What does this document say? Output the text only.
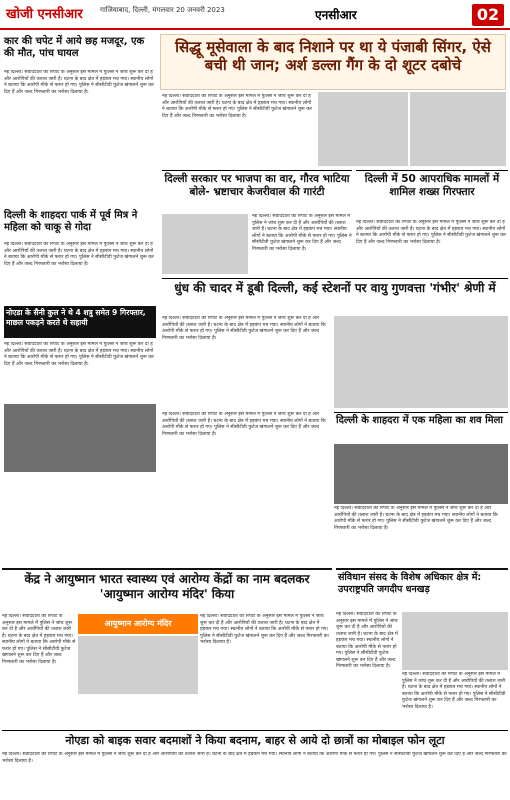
खोजी एनसीआर	गाजियाबाद, दिल्ली, मंगलवार 20 जनवरी 2023	एनसीआर	02
कार की चपेट में आये छह मजदूर, एक की मौत, पांच घायल
नई दिल्ली। संवाददाता की रिपोर्ट के अनुसार इस मामले में पुलिस ने जांच शुरू कर दी है और आरोपियों की तलाश जारी है। घटना के बाद क्षेत्र में हड़कंप मच गया। स्थानीय लोगों ने बताया कि आरोपी मौके से फरार हो गए। पुलिस ने सीसीटीवी फुटेज खंगालने शुरू कर दिए हैं और जल्द गिरफ्तारी का भरोसा दिलाया है।
दिल्ली के शाहदरा पार्क में पूर्व मित्र ने महिला को चाकू से गोदा
नई दिल्ली। संवाददाता की रिपोर्ट के अनुसार इस मामले में पुलिस ने जांच शुरू कर दी है और आरोपियों की तलाश जारी है। घटना के बाद क्षेत्र में हड़कंप मच गया। स्थानीय लोगों ने बताया कि आरोपी मौके से फरार हो गए। पुलिस ने सीसीटीवी फुटेज खंगालने शुरू कर दिए हैं और जल्द गिरफ्तारी का भरोसा दिलाया है।
नोएडा के सैनी कुल ने थे 4 शत्रु समेत 9 गिरफ्तार, माछल पकड़ने करते थे सहायी
नई दिल्ली। संवाददाता की रिपोर्ट के अनुसार इस मामले में पुलिस ने जांच शुरू कर दी है और आरोपियों की तलाश जारी है। घटना के बाद क्षेत्र में हड़कंप मच गया। स्थानीय लोगों ने बताया कि आरोपी मौके से फरार हो गए। पुलिस ने सीसीटीवी फुटेज खंगालने शुरू कर दिए हैं और जल्द गिरफ्तारी का भरोसा दिलाया है।
सिद्धू मूसेवाला के बाद निशाने पर था ये पंजाबी सिंगर, ऐसे बची थी जान; अर्श डल्ला गैंग के दो शूटर दबोचे
नई दिल्ली। संवाददाता की रिपोर्ट के अनुसार इस मामले में पुलिस ने जांच शुरू कर दी है और आरोपियों की तलाश जारी है। घटना के बाद क्षेत्र में हड़कंप मच गया। स्थानीय लोगों ने बताया कि आरोपी मौके से फरार हो गए। पुलिस ने सीसीटीवी फुटेज खंगालने शुरू कर दिए हैं और जल्द गिरफ्तारी का भरोसा दिलाया है।
दिल्ली सरकार पर भाजपा का वार, गौरव भाटिया बोले- भ्रष्टाचार केजरीवाल की गारंटी
नई दिल्ली। संवाददाता की रिपोर्ट के अनुसार इस मामले में पुलिस ने जांच शुरू कर दी है और आरोपियों की तलाश जारी है। घटना के बाद क्षेत्र में हड़कंप मच गया। स्थानीय लोगों ने बताया कि आरोपी मौके से फरार हो गए। पुलिस ने सीसीटीवी फुटेज खंगालने शुरू कर दिए हैं और जल्द गिरफ्तारी का भरोसा दिलाया है।
दिल्ली में 50 आपराधिक मामलों में शामिल शख्स गिरफ्तार
नई दिल्ली। संवाददाता की रिपोर्ट के अनुसार इस मामले में पुलिस ने जांच शुरू कर दी है और आरोपियों की तलाश जारी है। घटना के बाद क्षेत्र में हड़कंप मच गया। स्थानीय लोगों ने बताया कि आरोपी मौके से फरार हो गए। पुलिस ने सीसीटीवी फुटेज खंगालने शुरू कर दिए हैं और जल्द गिरफ्तारी का भरोसा दिलाया है।
धुंध की चादर में डूबी दिल्ली, कई स्टेशनों पर वायु गुणवत्ता 'गंभीर' श्रेणी में
नई दिल्ली। संवाददाता की रिपोर्ट के अनुसार इस मामले में पुलिस ने जांच शुरू कर दी है और आरोपियों की तलाश जारी है। घटना के बाद क्षेत्र में हड़कंप मच गया। स्थानीय लोगों ने बताया कि आरोपी मौके से फरार हो गए। पुलिस ने सीसीटीवी फुटेज खंगालने शुरू कर दिए हैं और जल्द गिरफ्तारी का भरोसा दिलाया है।
दिल्ली के शाहदरा में एक महिला का शव मिला
नई दिल्ली। संवाददाता की रिपोर्ट के अनुसार इस मामले में पुलिस ने जांच शुरू कर दी है और आरोपियों की तलाश जारी है। घटना के बाद क्षेत्र में हड़कंप मच गया। स्थानीय लोगों ने बताया कि आरोपी मौके से फरार हो गए। पुलिस ने सीसीटीवी फुटेज खंगालने शुरू कर दिए हैं और जल्द गिरफ्तारी का भरोसा दिलाया है।
नई दिल्ली। संवाददाता की रिपोर्ट के अनुसार इस मामले में पुलिस ने जांच शुरू कर दी है और आरोपियों की तलाश जारी है। घटना के बाद क्षेत्र में हड़कंप मच गया। स्थानीय लोगों ने बताया कि आरोपी मौके से फरार हो गए। पुलिस ने सीसीटीवी फुटेज खंगालने शुरू कर दिए हैं और जल्द गिरफ्तारी का भरोसा दिलाया है।
केंद्र ने आयुष्मान भारत स्वास्थ्य एवं आरोग्य केंद्रों का नाम बदलकर 'आयुष्मान आरोग्य मंदिर' किया
आयुष्मान आरोग्य मंदिर
नई दिल्ली। संवाददाता की रिपोर्ट के अनुसार इस मामले में पुलिस ने जांच शुरू कर दी है और आरोपियों की तलाश जारी है। घटना के बाद क्षेत्र में हड़कंप मच गया। स्थानीय लोगों ने बताया कि आरोपी मौके से फरार हो गए। पुलिस ने सीसीटीवी फुटेज खंगालने शुरू कर दिए हैं और जल्द गिरफ्तारी का भरोसा दिलाया है।
नई दिल्ली। संवाददाता की रिपोर्ट के अनुसार इस मामले में पुलिस ने जांच शुरू कर दी है और आरोपियों की तलाश जारी है। घटना के बाद क्षेत्र में हड़कंप मच गया। स्थानीय लोगों ने बताया कि आरोपी मौके से फरार हो गए। पुलिस ने सीसीटीवी फुटेज खंगालने शुरू कर दिए हैं और जल्द गिरफ्तारी का भरोसा दिलाया है।
संविधान संसद के विशेष अधिकार क्षेत्र में: उपराष्ट्रपति जगदीप धनखड़
नई दिल्ली। संवाददाता की रिपोर्ट के अनुसार इस मामले में पुलिस ने जांच शुरू कर दी है और आरोपियों की तलाश जारी है। घटना के बाद क्षेत्र में हड़कंप मच गया। स्थानीय लोगों ने बताया कि आरोपी मौके से फरार हो गए। पुलिस ने सीसीटीवी फुटेज खंगालने शुरू कर दिए हैं और जल्द गिरफ्तारी का भरोसा दिलाया है।
नई दिल्ली। संवाददाता की रिपोर्ट के अनुसार इस मामले में पुलिस ने जांच शुरू कर दी है और आरोपियों की तलाश जारी है। घटना के बाद क्षेत्र में हड़कंप मच गया। स्थानीय लोगों ने बताया कि आरोपी मौके से फरार हो गए। पुलिस ने सीसीटीवी फुटेज खंगालने शुरू कर दिए हैं और जल्द गिरफ्तारी का भरोसा दिलाया है।
नोएडा को बाइक सवार बदमाशों ने किया बदनाम, बाहर से आये दो छात्रों का मोबाइल फोन लूटा
नई दिल्ली। संवाददाता की रिपोर्ट के अनुसार इस मामले में पुलिस ने जांच शुरू कर दी है और आरोपियों की तलाश जारी है। घटना के बाद क्षेत्र में हड़कंप मच गया। स्थानीय लोगों ने बताया कि आरोपी मौके से फरार हो गए। पुलिस ने सीसीटीवी फुटेज खंगालने शुरू कर दिए हैं और जल्द गिरफ्तारी का भरोसा दिलाया है।
